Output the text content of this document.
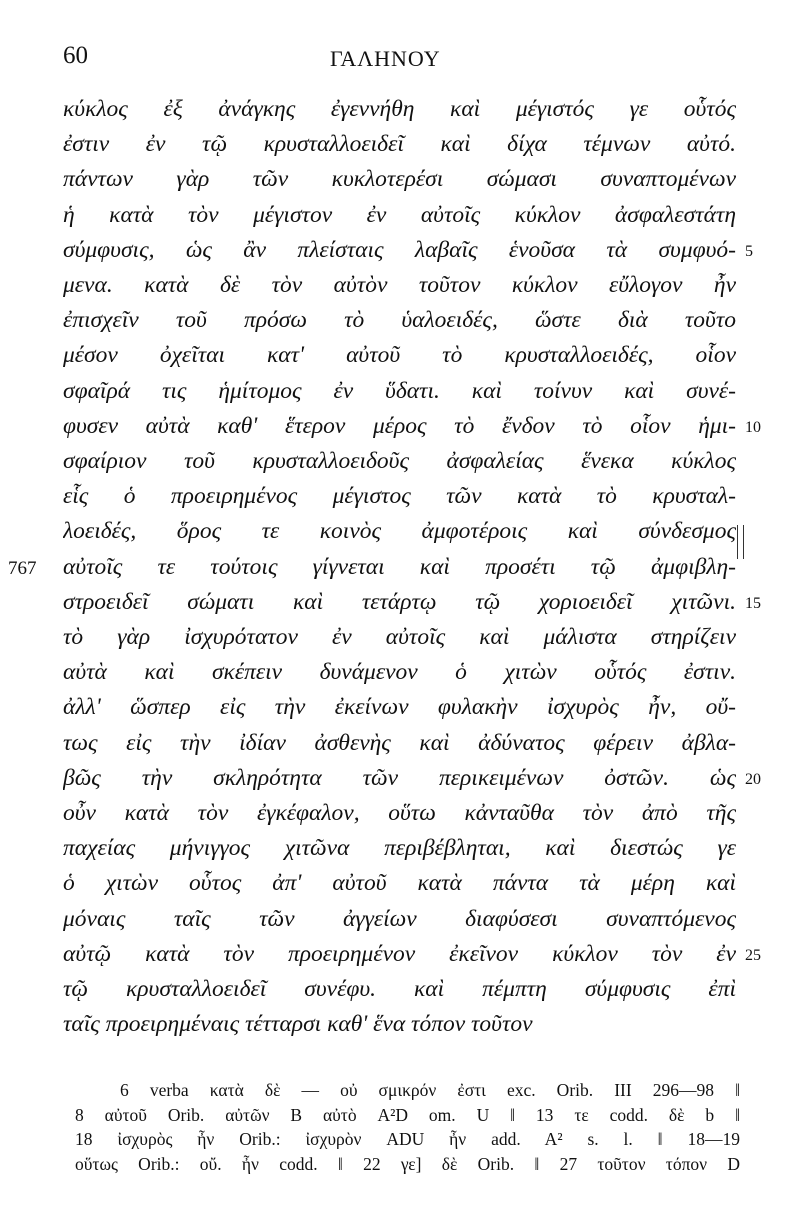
60	ΓΑΛΗΝΟΥ
κύκλος ἐξ ἀνάγκης ἐγεννήθη καὶ μέγιστός γε οὗτός
ἐστιν ἐν τῷ κρυσταλλοειδεῖ καὶ δίχα τέμνων αὐτό.
πάντων γὰρ τῶν κυκλοτερέσι σώμασι συναπτομένων
ἡ κατὰ τὸν μέγιστον ἐν αὐτοῖς κύκλον ἀσφαλεστάτη
σύμφυσις, ὡς ἂν πλείσταις λαβαῖς ἑνοῦσα τὰ συμφυό- 5
μενα. κατὰ δὲ τὸν αὐτὸν τοῦτον κύκλον εὔλογον ἦν
ἐπισχεῖν τοῦ πρόσω τὸ ὑαλοειδές, ὥστε διὰ τοῦτο
μέσον ὀχεῖται κατ' αὐτοῦ τὸ κρυσταλλοειδές, οἷον
σφαῖρά τις ἡμίτομος ἐν ὕδατι. καὶ τοίνυν καὶ συνέ-
φυσεν αὐτὰ καθ' ἕτερον μέρος τὸ ἔνδον τὸ οἷον ἡμι- 10
σφαίριον τοῦ κρυσταλλοειδοῦς ἀσφαλείας ἕνεκα κύκλος
εἷς ὁ προειρημένος μέγιστος τῶν κατὰ τὸ κρυσταλ-
λοειδές, ὅρος τε κοινὸς ἀμφοτέροις καὶ σύνδεσμος
αὐτοῖς τε τούτοις γίγνεται καὶ προσέτι τῷ ἀμφιβλη-
767
στροειδεῖ σώματι καὶ τετάρτῳ τῷ χοριοειδεῖ χιτῶνι. 15
τὸ γὰρ ἰσχυρότατον ἐν αὐτοῖς καὶ μάλιστα στηρίζειν
αὐτὰ καὶ σκέπειν δυνάμενον ὁ χιτὼν οὗτός ἐστιν.
ἀλλ' ὥσπερ εἰς τὴν ἐκείνων φυλακὴν ἰσχυρὸς ἦν, οὔ-
τως εἰς τὴν ἰδίαν ἀσθενὴς καὶ ἀδύνατος φέρειν ἀβλα-
βῶς τὴν σκληρότητα τῶν περικειμένων ὀστῶν. ὡς 20
οὖν κατὰ τὸν ἐγκέφαλον, οὕτω κἀνταῦθα τὸν ἀπὸ τῆς
παχείας μήνιγγος χιτῶνα περιβέβληται, καὶ διεστώς γε
ὁ χιτὼν οὗτος ἀπ' αὐτοῦ κατὰ πάντα τὰ μέρη καὶ
μόναις ταῖς τῶν ἀγγείων διαφύσεσι συναπτόμενος
αὐτῷ κατὰ τὸν προειρημένον ἐκεῖνον κύκλον τὸν ἐν 25
τῷ κρυσταλλοειδεῖ συνέφυ. καὶ πέμπτη σύμφυσις ἐπὶ
ταῖς προειρημέναις τέτταρσι καθ' ἕνα τόπον τοῦτον
6 verba κατὰ δὲ — οὐ σμικρόν ἐστι exc. Orib. III 296—98 ‖
8 αὐτοῦ Orib. αὐτῶν B αὐτὸ A²D om. U ‖ 13 τε codd. δὲ b ‖
18 ἰσχυρὸς ἦν Orib.: ἰσχυρὸν ADU ἦν add. A² s. l. ‖ 18—19
οὕτως Orib.: οὔ. ἦν codd. ‖ 22 γε] δὲ Orib. ‖ 27 τοῦτον τόπον D
